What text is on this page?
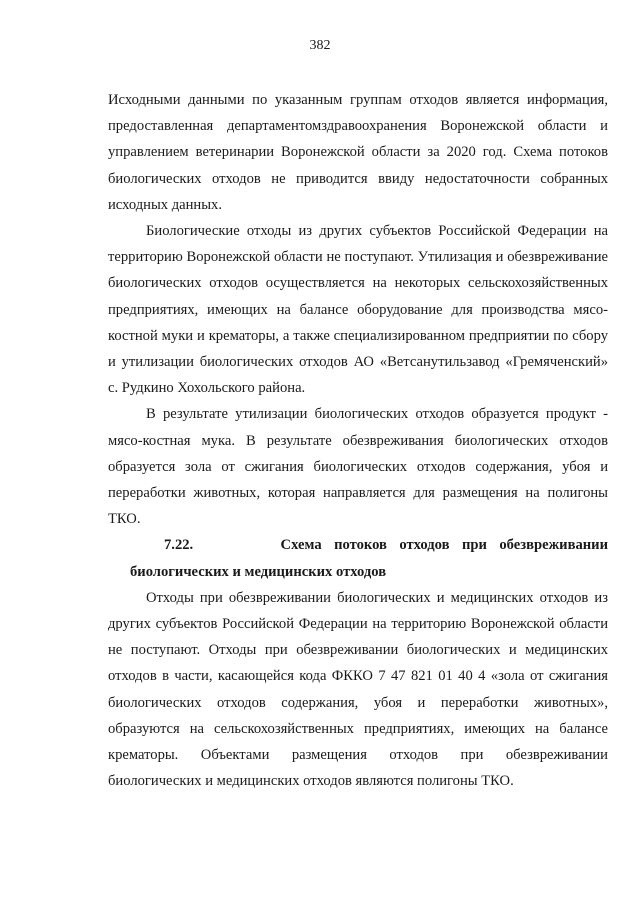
382

Исходными данными по указанным группам отходов является информация, предоставленная департаментомздравоохранения Воронежской области и управлением ветеринарии Воронежской области за 2020 год. Схема потоков биологических отходов не приводится ввиду недостаточности собранных исходных данных.

Биологические отходы из других субъектов Российской Федерации на территорию Воронежской области не поступают. Утилизация и обезвреживание биологических отходов осуществляется на некоторых сельскохозяйственных предприятиях, имеющих на балансе оборудование для производства мясо-костной муки и крематоры, а также специализированном предприятии по сбору и утилизации биологических отходов АО «Ветсанутильзавод «Гремяченский» с. Рудкино Хохольского района.

В результате утилизации биологических отходов образуется продукт - мясо-костная мука. В результате обезвреживания биологических отходов образуется зола от сжигания биологических отходов содержания, убоя и переработки животных, которая направляется для размещения на полигоны ТКО.

7.22.	Схема потоков отходов при обезвреживании
биологических и медицинских отходов

Отходы при обезвреживании биологических и медицинских отходов из других субъектов Российской Федерации на территорию Воронежской области не поступают. Отходы при обезвреживании биологических и медицинских отходов в части, касающейся кода ФККО 7 47 821 01 40 4 «зола от сжигания биологических отходов содержания, убоя и переработки животных», образуются на сельскохозяйственных предприятиях, имеющих на балансе крематоры. Объектами размещения отходов при обезвреживании биологических и медицинских отходов являются полигоны ТКО.
